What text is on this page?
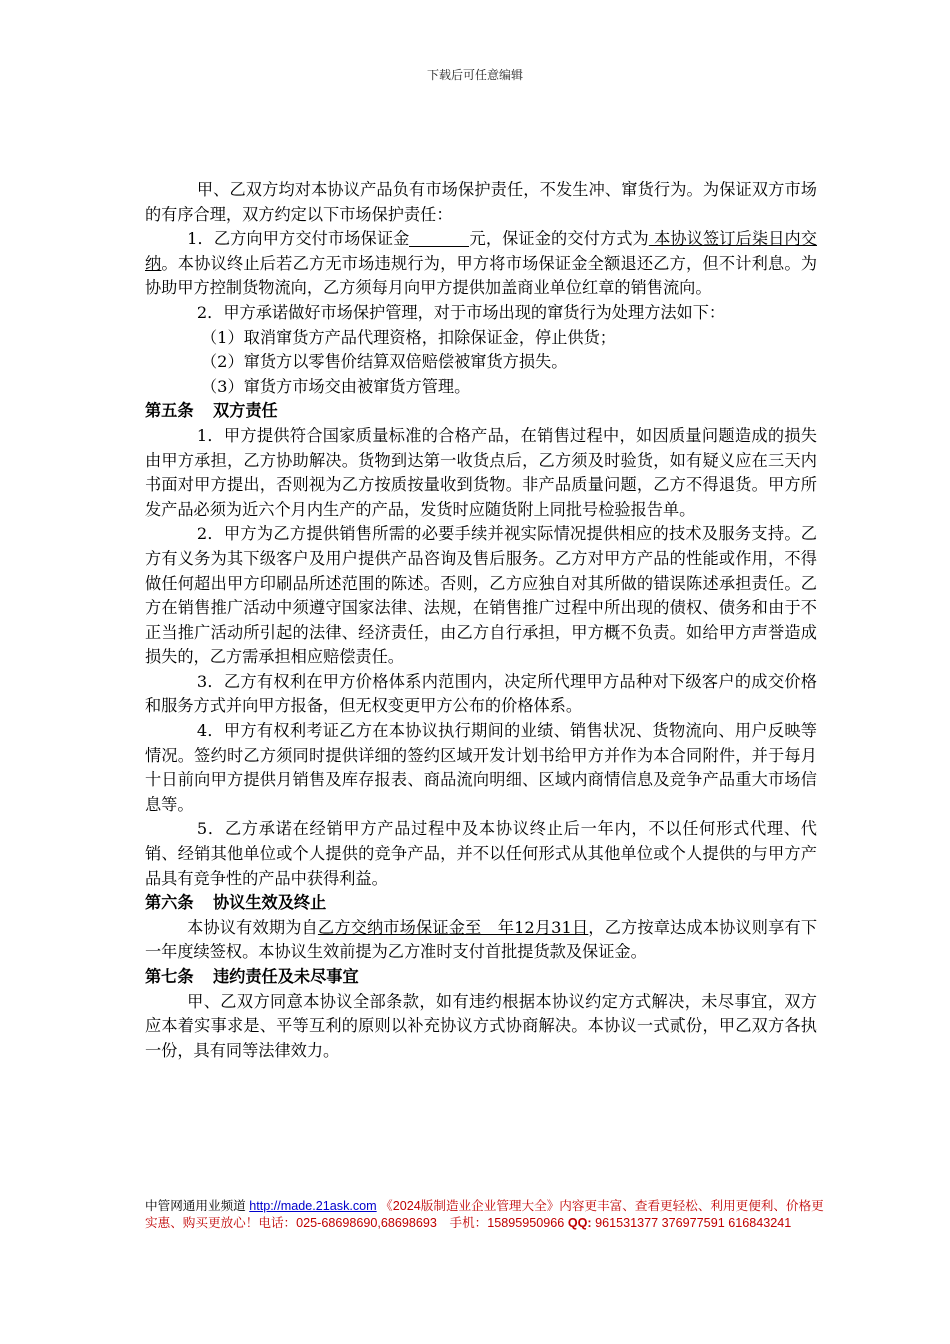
下载后可任意编辑

甲、乙双方均对本协议产品负有市场保护责任，不发生冲、窜货行为。为保证双方市场的有序合理，双方约定以下市场保护责任：

1．乙方向甲方交付市场保证金	元，保证金的交付方式为 本协议签订后柒日内交纳。本协议终止后若乙方无市场违规行为，甲方将市场保证金全额退还乙方，但不计利息。为协助甲方控制货物流向，乙方须每月向甲方提供加盖商业单位红章的销售流向。

2．甲方承诺做好市场保护管理，对于市场出现的窜货行为处理方法如下：

（1）取消窜货方产品代理资格，扣除保证金，停止供货；

（2）窜货方以零售价结算双倍赔偿被窜货方损失。

（3）窜货方市场交由被窜货方管理。

第五条 双方责任

1．甲方提供符合国家质量标准的合格产品，在销售过程中，如因质量问题造成的损失由甲方承担，乙方协助解决。货物到达第一收货点后，乙方须及时验货，如有疑义应在三天内书面对甲方提出，否则视为乙方按质按量收到货物。非产品质量问题，乙方不得退货。甲方所发产品必须为近六个月内生产的产品，发货时应随货附上同批号检验报告单。

2．甲方为乙方提供销售所需的必要手续并视实际情况提供相应的技术及服务支持。乙方有义务为其下级客户及用户提供产品咨询及售后服务。乙方对甲方产品的性能或作用，不得做任何超出甲方印刷品所述范围的陈述。否则，乙方应独自对其所做的错误陈述承担责任。乙方在销售推广活动中须遵守国家法律、法规，在销售推广过程中所出现的债权、债务和由于不正当推广活动所引起的法律、经济责任，由乙方自行承担，甲方概不负责。如给甲方声誉造成损失的，乙方需承担相应赔偿责任。

3．乙方有权利在甲方价格体系内范围内，决定所代理甲方品种对下级客户的成交价格和服务方式并向甲方报备，但无权变更甲方公布的价格体系。

4．甲方有权利考证乙方在本协议执行期间的业绩、销售状况、货物流向、用户反映等情况。签约时乙方须同时提供详细的签约区域开发计划书给甲方并作为本合同附件，并于每月十日前向甲方提供月销售及库存报表、商品流向明细、区域内商情信息及竞争产品重大市场信息等。

5．乙方承诺在经销甲方产品过程中及本协议终止后一年内，不以任何形式代理、代销、经销其他单位或个人提供的竞争产品，并不以任何形式从其他单位或个人提供的与甲方产品具有竞争性的产品中获得利益。

第六条 协议生效及终止

本协议有效期为自乙方交纳市场保证金至　年12月31日，乙方按章达成本协议则享有下一年度续签权。本协议生效前提为乙方准时支付首批提货款及保证金。

第七条 违约责任及未尽事宜

甲、乙双方同意本协议全部条款，如有违约根据本协议约定方式解决，未尽事宜，双方应本着实事求是、平等互利的原则以补充协议方式协商解决。本协议一式贰份，甲乙双方各执一份，具有同等法律效力。

中管网通用业频道 http://made.21ask.com 《2024版制造业企业管理大全》内容更丰富、查看更轻松、利用更便利、价格更实惠、购买更放心！电话：025-68698690,68698693　手机：15895950966 QQ: 961531377 376977591 616843241
